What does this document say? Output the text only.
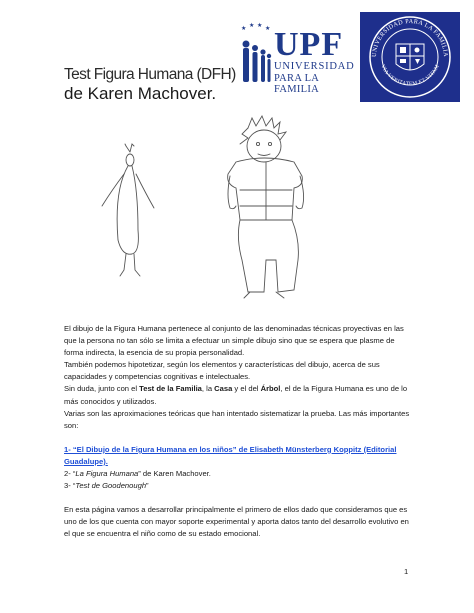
Test Figura Humana (DFH)
de Karen Machover.
★ ★ ★ ★ UPF
UNIVERSIDAD
PARA LA FAMILIA
UNIVERSIDAD PARA LA FAMILIA
VIA VERITATEM ET VITAM

El dibujo de la Figura Humana pertenece al conjunto de las denominadas técnicas proyectivas en las que la persona no tan sólo se limita a efectuar un simple dibujo sino que se espera que plasme de forma indirecta, la esencia de su propia personalidad.

También podemos hipotetizar, según los elementos y características del dibujo, acerca de sus capacidades y competencias cognitivas e intelectuales.

Sin duda, junto con el Test de la Familia, la Casa y el del Árbol, el de la Figura Humana es uno de lo más conocidos y utilizados.

Varias son las aproximaciones teóricas que han intentado sistematizar la prueba. Las más importantes son:

1- “El Dibujo de la Figura Humana en los niños” de Elisabeth Münsterberg Koppitz (Editorial Guadalupe).

2- “La Figura Humana” de Karen Machover.

3- “Test de Goodenough”

En esta página vamos a desarrollar principalmente el primero de ellos dado que consideramos que es uno de los que cuenta con mayor soporte experimental y aporta datos tanto del desarrollo evolutivo en el que se encuentra el niño como de su estado emocional.

1
